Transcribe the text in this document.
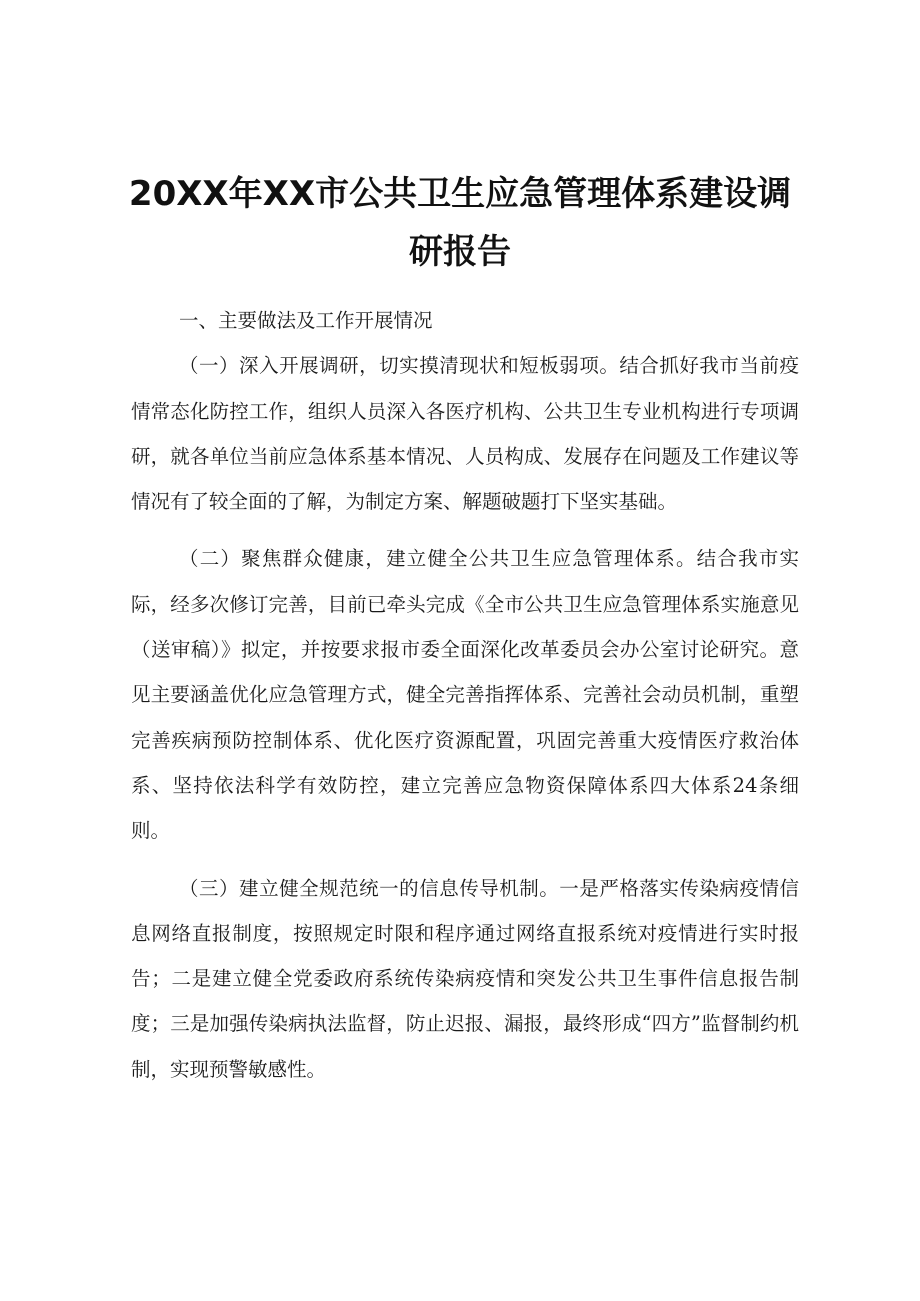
20XX年XX市公共卫生应急管理体系建设调
研报告

一、主要做法及工作开展情况

（一）深入开展调研，切实摸清现状和短板弱项。结合抓好我市当前疫情常态化防控工作，组织人员深入各医疗机构、公共卫生专业机构进行专项调研，就各单位当前应急体系基本情况、人员构成、发展存在问题及工作建议等情况有了较全面的了解，为制定方案、解题破题打下坚实基础。

（二）聚焦群众健康，建立健全公共卫生应急管理体系。结合我市实际，经多次修订完善，目前已牵头完成《全市公共卫生应急管理体系实施意见（送审稿）》拟定，并按要求报市委全面深化改革委员会办公室讨论研究。意见主要涵盖优化应急管理方式，健全完善指挥体系、完善社会动员机制，重塑完善疾病预防控制体系、优化医疗资源配置，巩固完善重大疫情医疗救治体系、坚持依法科学有效防控，建立完善应急物资保障体系四大体系24条细则。

（三）建立健全规范统一的信息传导机制。一是严格落实传染病疫情信息网络直报制度，按照规定时限和程序通过网络直报系统对疫情进行实时报告；二是建立健全党委政府系统传染病疫情和突发公共卫生事件信息报告制度；三是加强传染病执法监督，防止迟报、漏报，最终形成“四方”监督制约机制，实现预警敏感性。
